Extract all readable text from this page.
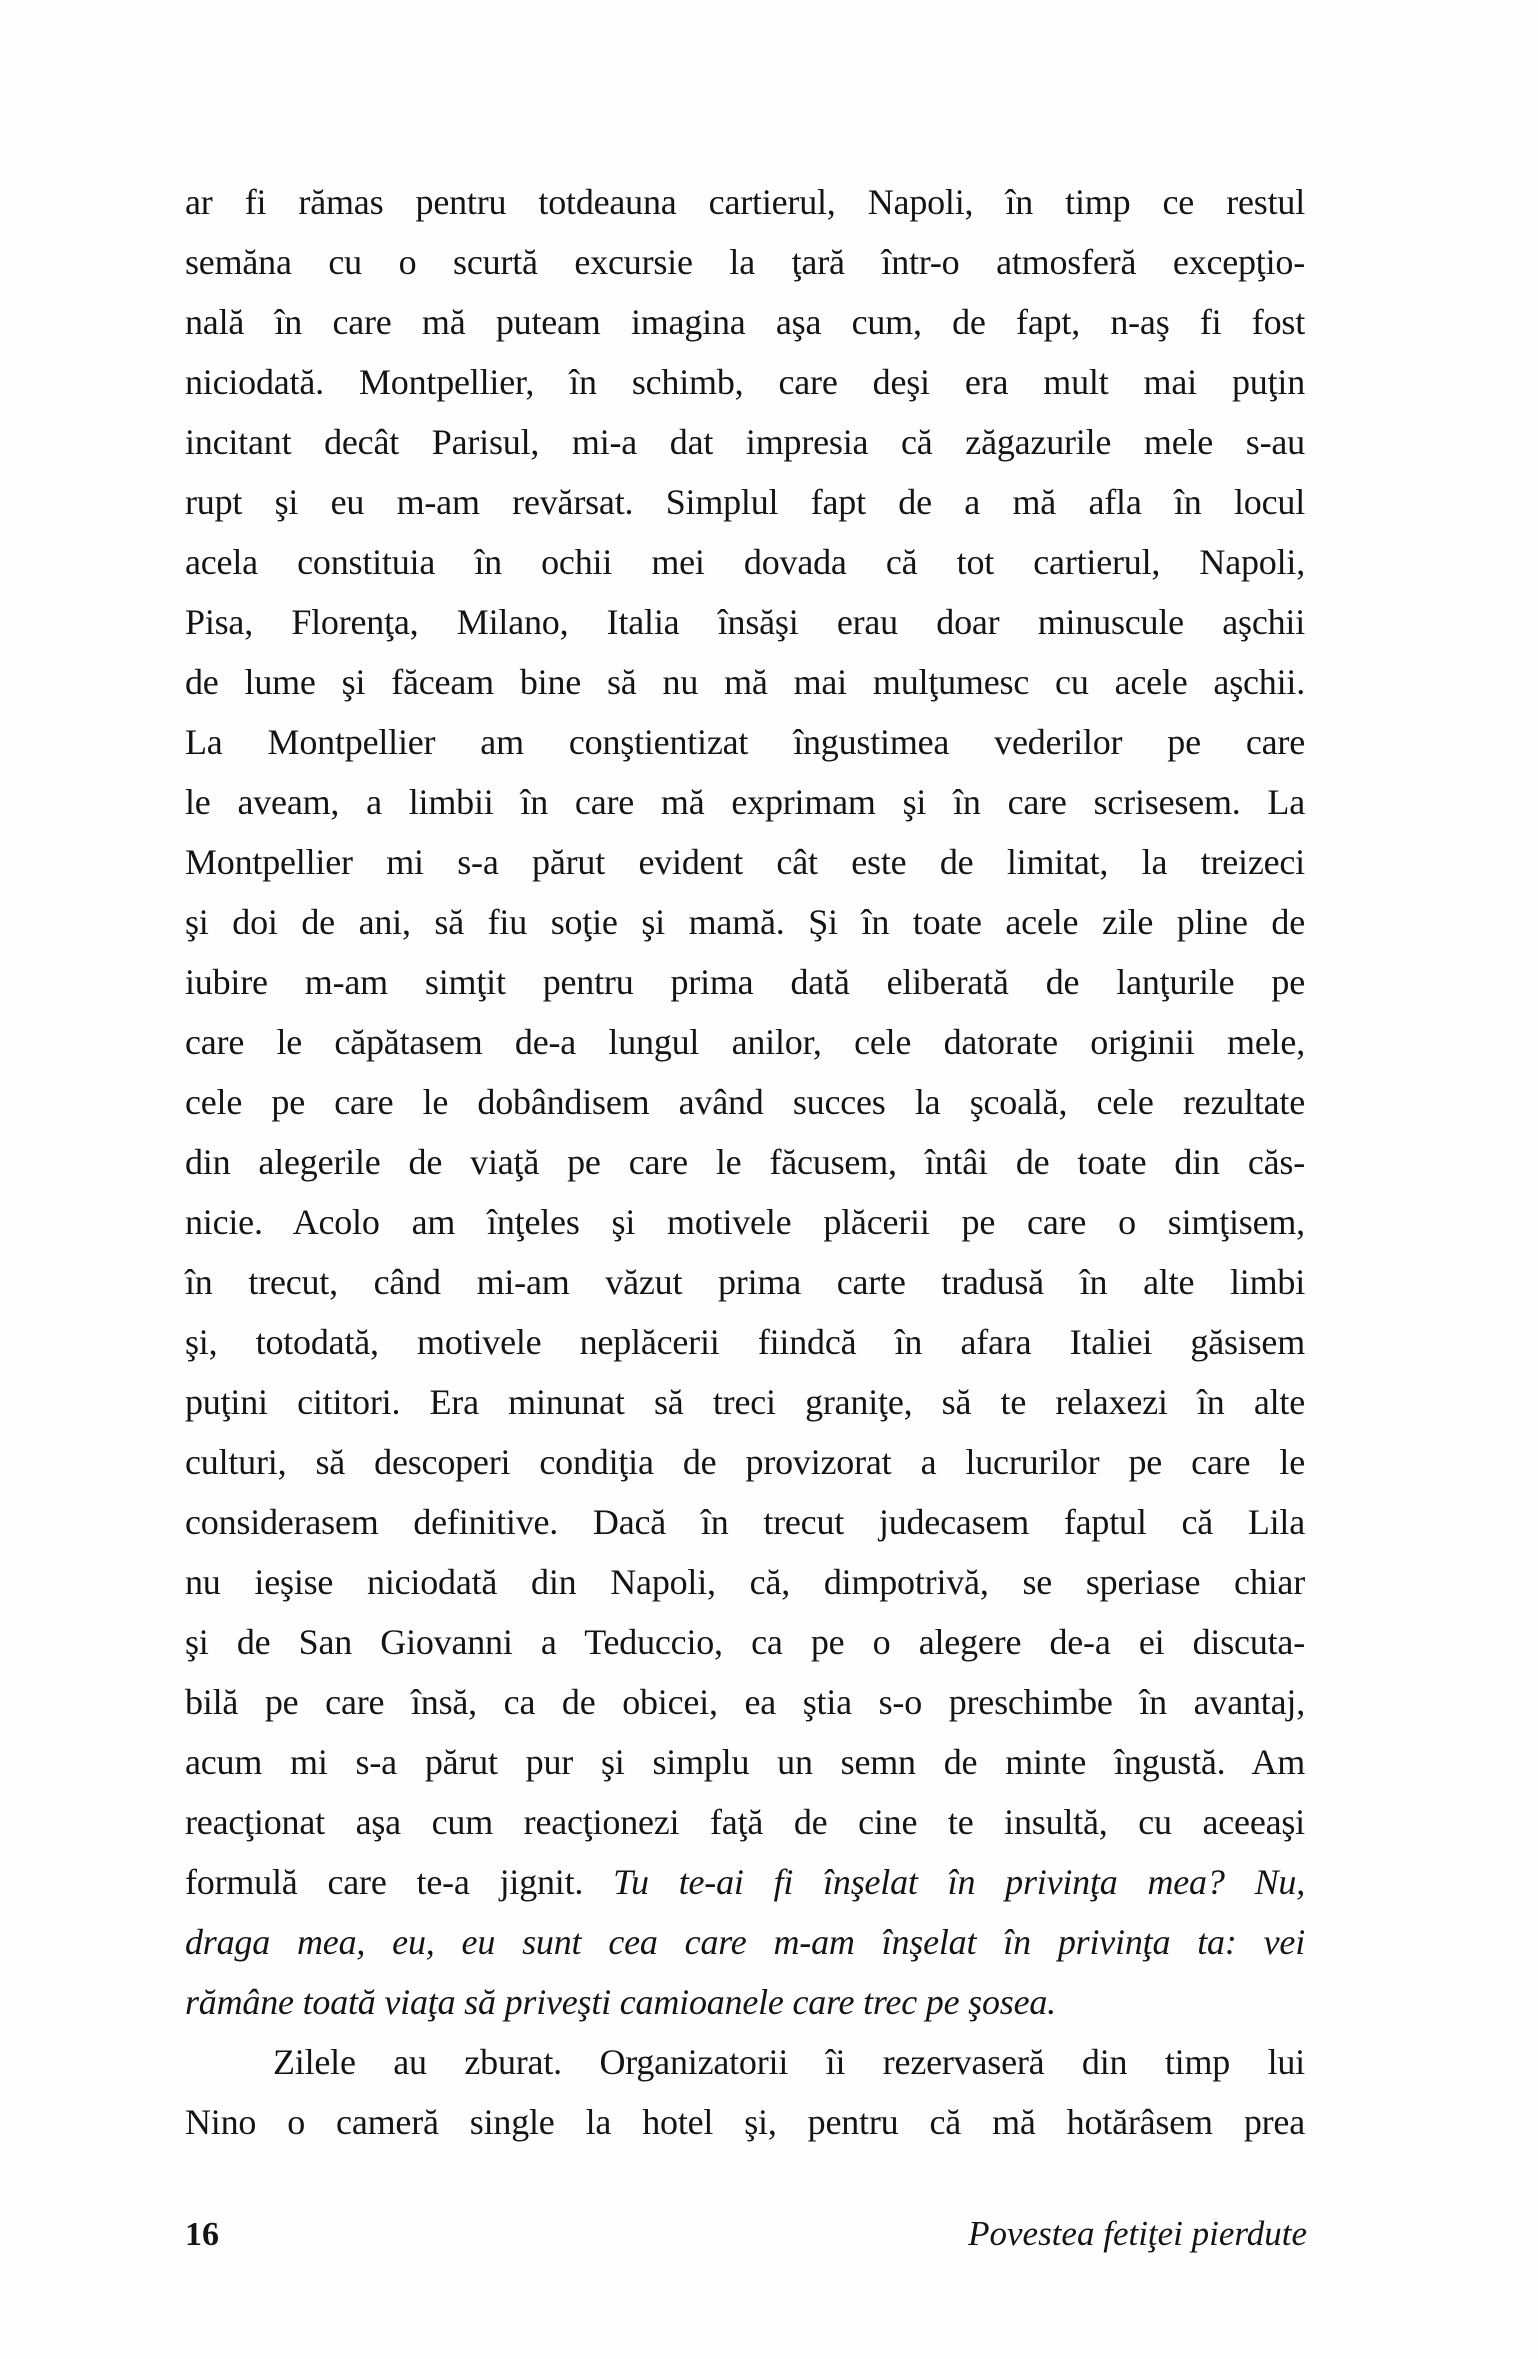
ar fi rămas pentru totdeauna cartierul, Napoli, în timp ce restul
semăna cu o scurtă excursie la ţară într-o atmosferă excepţio-
nală în care mă puteam imagina aşa cum, de fapt, n-aş fi fost
niciodată. Montpellier, în schimb, care deşi era mult mai puţin
incitant decât Parisul, mi-a dat impresia că zăgazurile mele s-au
rupt şi eu m-am revărsat. Simplul fapt de a mă afla în locul
acela constituia în ochii mei dovada că tot cartierul, Napoli,
Pisa, Florenţa, Milano, Italia însăşi erau doar minuscule aşchii
de lume şi făceam bine să nu mă mai mulţumesc cu acele aşchii.
La Montpellier am conştientizat îngustimea vederilor pe care
le aveam, a limbii în care mă exprimam şi în care scrisesem. La
Montpellier mi s-a părut evident cât este de limitat, la treizeci
şi doi de ani, să fiu soţie şi mamă. Şi în toate acele zile pline de
iubire m-am simţit pentru prima dată eliberată de lanţurile pe
care le căpătasem de-a lungul anilor, cele datorate originii mele,
cele pe care le dobândisem având succes la şcoală, cele rezultate
din alegerile de viaţă pe care le făcusem, întâi de toate din căs-
nicie. Acolo am înţeles şi motivele plăcerii pe care o simţisem,
în trecut, când mi-am văzut prima carte tradusă în alte limbi
şi, totodată, motivele neplăcerii fiindcă în afara Italiei găsisem
puţini cititori. Era minunat să treci graniţe, să te relaxezi în alte
culturi, să descoperi condiţia de provizorat a lucrurilor pe care le
considerasem definitive. Dacă în trecut judecasem faptul că Lila
nu ieşise niciodată din Napoli, că, dimpotrivă, se speriase chiar
şi de San Giovanni a Teduccio, ca pe o alegere de-a ei discuta-
bilă pe care însă, ca de obicei, ea ştia s-o preschimbe în avantaj,
acum mi s-a părut pur şi simplu un semn de minte îngustă. Am
reacţionat aşa cum reacţionezi faţă de cine te insultă, cu aceeaşi
formulă care te-a jignit. Tu te-ai fi înşelat în privinţa mea? Nu,
draga mea, eu, eu sunt cea care m-am înşelat în privinţa ta: vei
rămâne toată viaţa să priveşti camioanele care trec pe şosea.
Zilele au zburat. Organizatorii îi rezervaseră din timp lui
Nino o cameră single la hotel şi, pentru că mă hotărâsem prea
16	Povestea fetiţei pierdute
